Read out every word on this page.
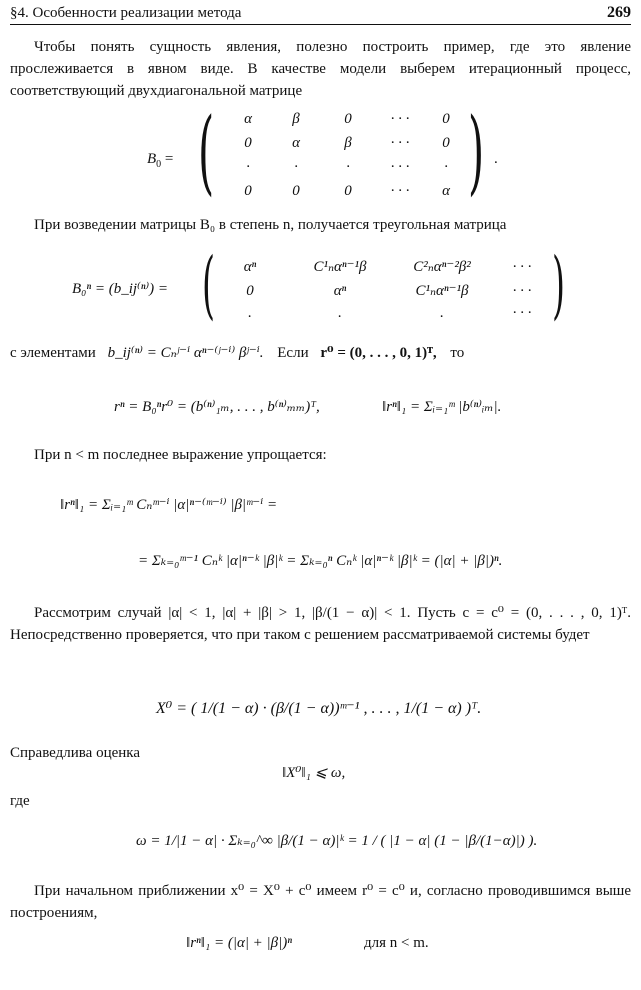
§4. Особенности реализации метода	269
Чтобы понять сущность явления, полезно построить пример, где это явление прослеживается в явном виде. В качестве модели выберем итерационный процесс, соответствующий двухдиагональной матрице
$B_0$ = (	)
α	β	0	· · ·	0
0	α	β	· · ·	0
·	·	·	· · ·	·
0	0	0	· · ·	α
.
При возведении матрицы B₀ в степень n, получается треугольная матрица
B₀ⁿ = (b_ij⁽ⁿ⁾) = (	)
αⁿ	C¹ₙαⁿ⁻¹β	C²ₙαⁿ⁻²β²	· · ·
0	αⁿ	C¹ₙαⁿ⁻¹β	· · ·
.	.	.	· · ·
с элементами b_ij⁽ⁿ⁾ = Cₙʲ⁻ⁱ αⁿ⁻⁽ʲ⁻ⁱ⁾ βʲ⁻ⁱ. Если r⁰ = (0, . . . , 0, 1)ᵀ, то
rⁿ = B₀ⁿr⁰ = (b⁽ⁿ⁾₁ₘ, . . . , b⁽ⁿ⁾ₘₘ)ᵀ,	‖rⁿ‖₁ = Σᵢ₌₁ᵐ |b⁽ⁿ⁾ᵢₘ|.
При n < m последнее выражение упрощается:
‖rⁿ‖₁ = Σᵢ₌₁ᵐ Cₙᵐ⁻ⁱ |α|ⁿ⁻⁽ᵐ⁻ⁱ⁾ |β|ᵐ⁻ⁱ =
= Σₖ₌₀ᵐ⁻¹ Cₙᵏ |α|ⁿ⁻ᵏ |β|ᵏ = Σₖ₌₀ⁿ Cₙᵏ |α|ⁿ⁻ᵏ |β|ᵏ = (|α| + |β|)ⁿ.
Рассмотрим случай |α| < 1, |α| + |β| > 1, |β/(1 − α)| < 1. Пусть c = c⁰ = (0, . . . , 0, 1)ᵀ. Непосредственно проверяется, что при таком c решением рассматриваемой системы будет
X⁰ = ( 1/(1 − α) · (β/(1 − α))ᵐ⁻¹ , . . . , 1/(1 − α) )ᵀ.
Справедлива оценка
‖X⁰‖₁ ⩽ ω,
где
ω = 1/|1 − α| · Σₖ₌₀^∞ |β/(1 − α)|ᵏ = 1 / ( |1 − α| (1 − |β/(1−α)|) ).
При начальном приближении x⁰ = X⁰ + c⁰ имеем r⁰ = c⁰ и, согласно проводившимся выше построениям,
‖rⁿ‖₁ = (|α| + |β|)ⁿ	для n < m.
